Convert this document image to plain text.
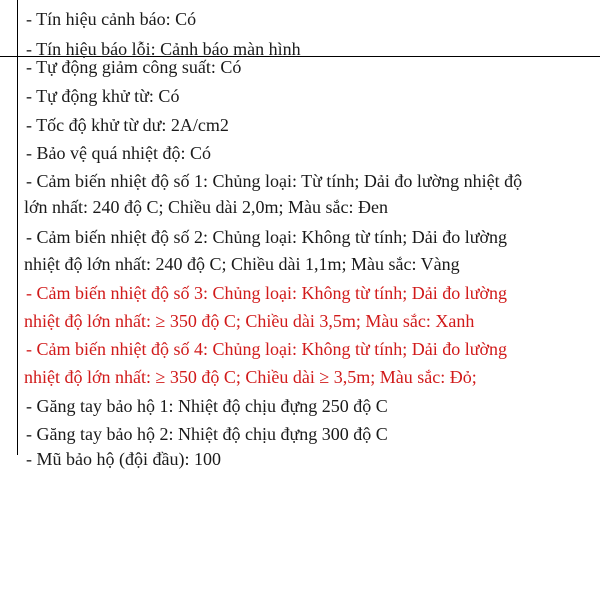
- Tín hiệu cảnh báo: Có
- Tín hiệu báo lỗi: Cảnh báo màn hình
- Tự động giảm công suất: Có
- Tự động khử từ: Có
- Tốc độ khử từ dư: 2A/cm2
- Bảo vệ quá nhiệt độ: Có
- Cảm biến nhiệt độ số 1: Chủng loại: Từ tính; Dải đo lường nhiệt độ
lớn nhất: 240 độ C; Chiều dài 2,0m; Màu sắc: Đen
- Cảm biến nhiệt độ số 2: Chủng loại: Không từ tính; Dải đo lường
nhiệt độ lớn nhất: 240 độ C; Chiều dài 1,1m; Màu sắc: Vàng
- Cảm biến nhiệt độ số 3: Chủng loại: Không từ tính; Dải đo lường
nhiệt độ lớn nhất: ≥ 350 độ C; Chiều dài 3,5m; Màu sắc: Xanh
- Cảm biến nhiệt độ số 4: Chủng loại: Không từ tính; Dải đo lường
nhiệt độ lớn nhất: ≥ 350 độ C; Chiều dài ≥ 3,5m; Màu sắc: Đỏ;
- Găng tay bảo hộ 1: Nhiệt độ chịu đựng 250 độ C
- Găng tay bảo hộ 2: Nhiệt độ chịu đựng 300 độ C
- Mũ bảo hộ (đội đầu): 100
